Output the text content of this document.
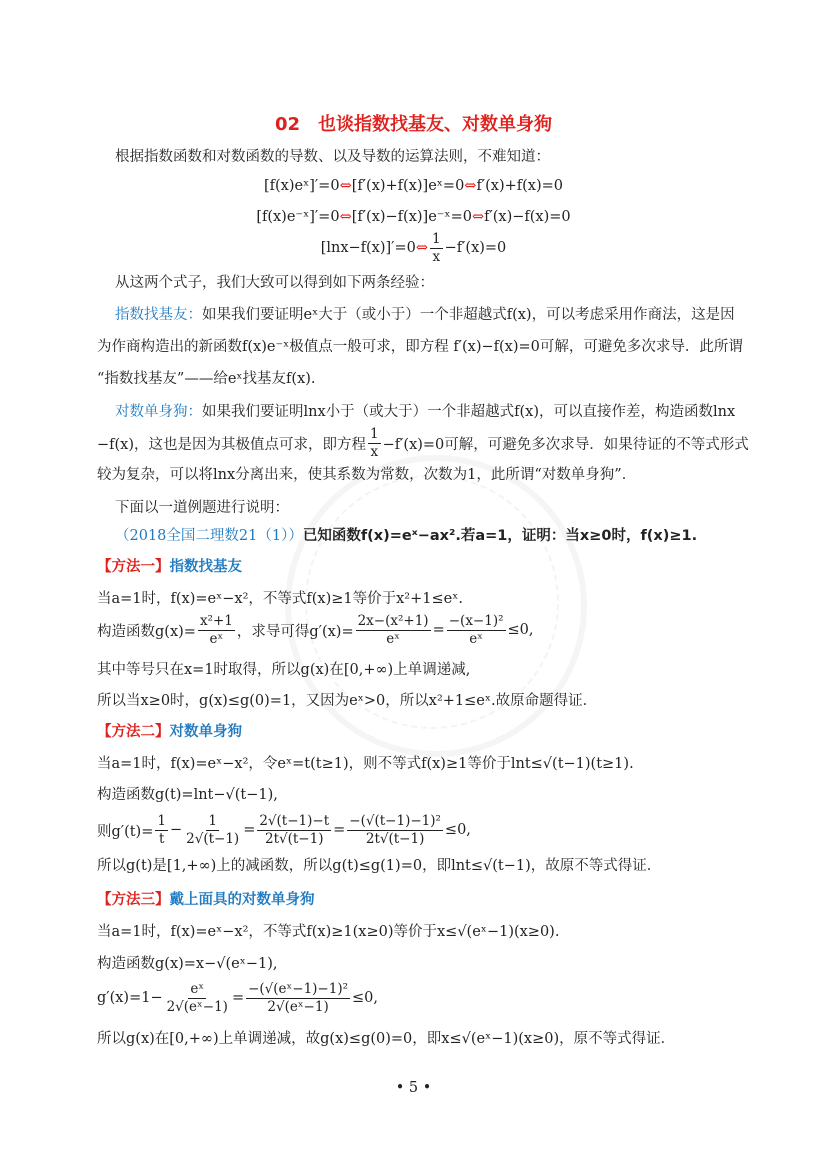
02　也谈指数找基友、对数单身狗
根据指数函数和对数函数的导数、以及导数的运算法则，不难知道：
[f(x)eˣ]′=0 ⇔ [f′(x)+f(x)]eˣ=0 ⇔ f′(x)+f(x)=0
[f(x)e⁻ˣ]′=0 ⇔ [f′(x)−f(x)]e⁻ˣ=0 ⇔ f′(x)−f(x)=0
[lnx−f(x)]′=0 ⇔ $\frac{1}{x} -f'(x)=0$
从这两个式子，我们大致可以得到如下两条经验：
指数找基友： 如果我们要证明eˣ大于（或小于）一个非超越式f(x)，可以考虑采用作商法，这是因
为作商构造出的新函数f(x)e⁻ˣ极值点一般可求，即方程 f′(x)−f(x)=0可解，可避免多次求导．此所谓
“指数找基友”——给eˣ找基友f(x).
对数单身狗： 如果我们要证明lnx小于（或大于）一个非超越式f(x)，可以直接作差，构造函数lnx
−f(x)，这也是因为其极值点可求，即方程 $\frac{1}{x} -f'(x)=0$可解，可避免多次求导．如果待证的不等式形式
较为复杂，可以将lnx分离出来，使其系数为常数，次数为1，此所谓“对数单身狗”．
下面以一道例题进行说明：
（2018全国二理数21（1）） 已知函数f(x)=eˣ−ax².若a=1，证明：当x≥0时，f(x)≥1.
【方法一】 指数找基友
当a=1时，f(x)=eˣ−x²，不等式f(x)≥1等价于x²+1≤eˣ.
构造函数$g(x)= \frac{\text{x²+1}}{\text{eˣ}}$ ，求导可得$g'(x)= \frac{\text{2x−(x²+1)}}{\text{eˣ}} = \frac{\text{−(x−1)²}}{\text{eˣ}} \le 0$,
其中等号只在x=1时取得，所以g(x)在[0,+∞)上单调递减,
所以当x≥0时，g(x)≤g(0)=1，又因为eˣ>0，所以x²+1≤eˣ.故原命题得证．
【方法二】 对数单身狗
当a=1时，f(x)=eˣ−x²，令eˣ=t(t≥1)，则不等式f(x)≥1等价于lnt≤√(t−1)(t≥1).
构造函数g(t)=lnt−√(t−1),
则$g'(t)= \frac{1}{t} - \frac{1}{2√(t-1)} = \frac{2√(t-1)-t}{2t√(t-1)} = \frac{\text{−(√(t−1)−1)²}}{2t√(t-1)} \le 0$,
所以g(t)是[1,+∞)上的减函数，所以g(t)≤g(1)=0，即lnt≤√(t−1)，故原不等式得证．
【方法三】 戴上面具的对数单身狗
当a=1时，f(x)=eˣ−x²，不等式f(x)≥1(x≥0)等价于x≤√(eˣ−1)(x≥0).
构造函数g(x)=x−√(eˣ−1),
$g'(x)=1- \frac{\text{eˣ}}{\text{2√(eˣ−1)}} = \frac{\text{−(√(eˣ−1)−1)²}}{\text{2√(eˣ−1)}} \le 0$,
所以g(x)在[0,+∞)上单调递减，故g(x)≤g(0)=0，即x≤√(eˣ−1)(x≥0)，原不等式得证．
• 5 •
